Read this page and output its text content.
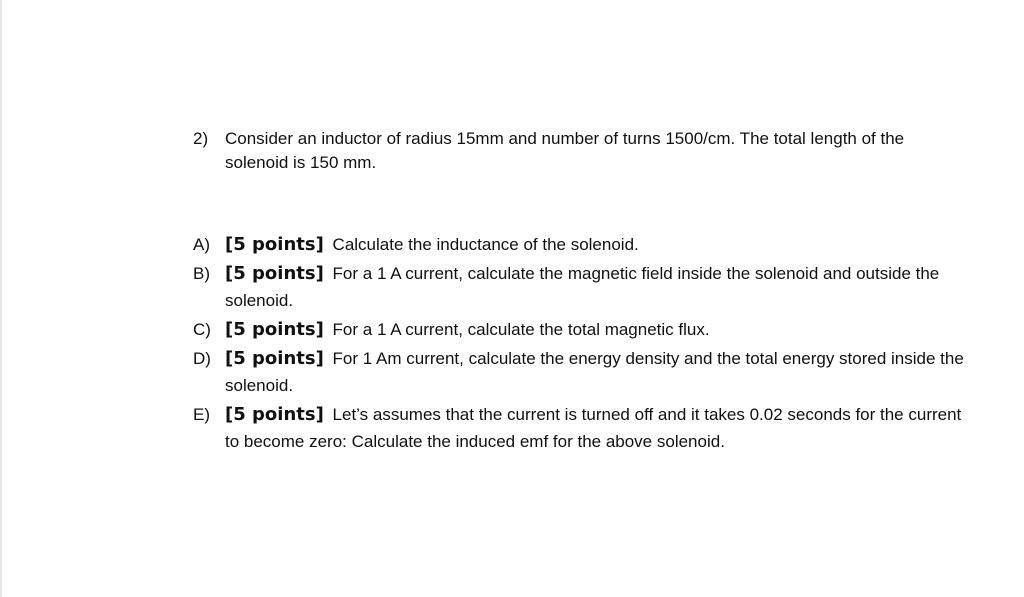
2) Consider an inductor of radius 15mm and number of turns 1500/cm. The total length of the solenoid is 150 mm.
A) [5 points] Calculate the inductance of the solenoid.
B) [5 points] For a 1 A current, calculate the magnetic field inside the solenoid and outside the solenoid.
C) [5 points] For a 1 A current, calculate the total magnetic flux.
D) [5 points] For 1 Am current, calculate the energy density and the total energy stored inside the solenoid.
E) [5 points] Let’s assumes that the current is turned off and it takes 0.02 seconds for the current to become zero: Calculate the induced emf for the above solenoid.
